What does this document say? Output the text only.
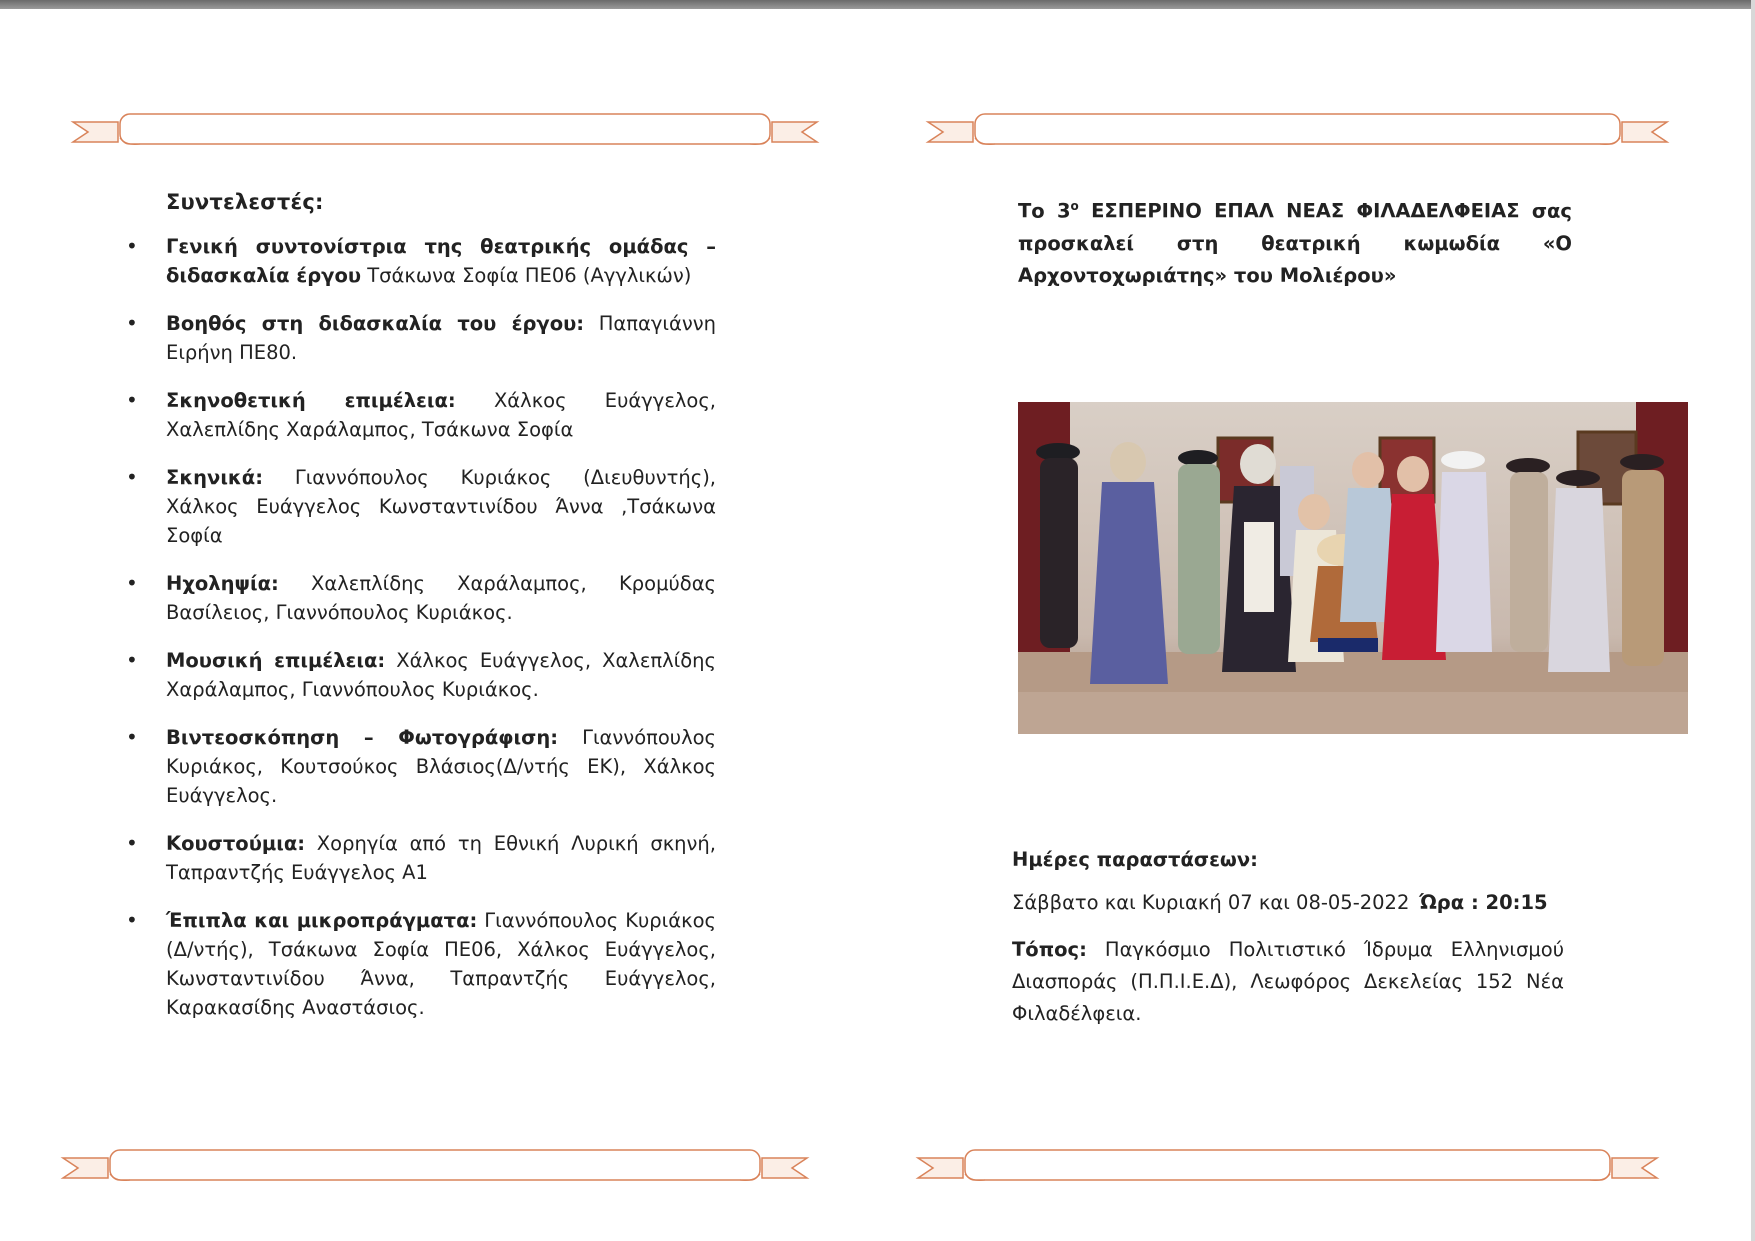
Συντελεστές:
• Γενική συντονίστρια της θεατρικής ομάδας – διδασκαλία έργου Τσάκωνα Σοφία ΠΕ06 (Αγγλικών)
• Βοηθός στη διδασκαλία του έργου: Παπαγιάννη Ειρήνη ΠΕ80.
• Σκηνοθετική επιμέλεια: Χάλκος Ευάγγελος, Χαλεπλίδης Χαράλαμπος, Τσάκωνα Σοφία
• Σκηνικά: Γιαννόπουλος Κυριάκος (Διευθυντής), Χάλκος Ευάγγελος Κωνσταντινίδου Άννα ,Τσάκωνα Σοφία
• Ηχοληψία: Χαλεπλίδης Χαράλαμπος, Κρομύδας Βασίλειος, Γιαννόπουλος Κυριάκος.
• Μουσική επιμέλεια: Χάλκος Ευάγγελος, Χαλεπλίδης Χαράλαμπος, Γιαννόπουλος Κυριάκος.
• Βιντεοσκόπηση – Φωτογράφιση: Γιαννόπουλος Κυριάκος, Κουτσούκος Βλάσιος(Δ/ντής ΕΚ), Χάλκος Ευάγγελος.
• Κουστούμια: Χορηγία από τη Εθνική Λυρική σκηνή, Ταπραντζής Ευάγγελος Α1
• Έπιπλα και μικροπράγματα: Γιαννόπουλος Κυριάκος (Δ/ντής), Τσάκωνα Σοφία ΠΕ06, Χάλκος Ευάγγελος, Κωνσταντινίδου Άννα, Ταπραντζής Ευάγγελος, Καρακασίδης Αναστάσιος.

Το $3^o$ ΕΣΠΕΡΙΝΟ ΕΠΑΛ ΝΕΑΣ ΦΙΛΑΔΕΛΦΕΙΑΣ σας προσκαλεί στη θεατρική κωμωδία «Ο Αρχοντοχωριάτης» του Μολιέρου»

Ημέρες παραστάσεων:
Σάββατο και Κυριακή 07 και 08-05-2022 Ώρα : 20:15

Τόπος: Παγκόσμιο Πολιτιστικό Ίδρυμα Ελληνισμού Διασποράς (Π.Π.Ι.Ε.Δ), Λεωφόρος Δεκελείας 152 Νέα Φιλαδέλφεια.
